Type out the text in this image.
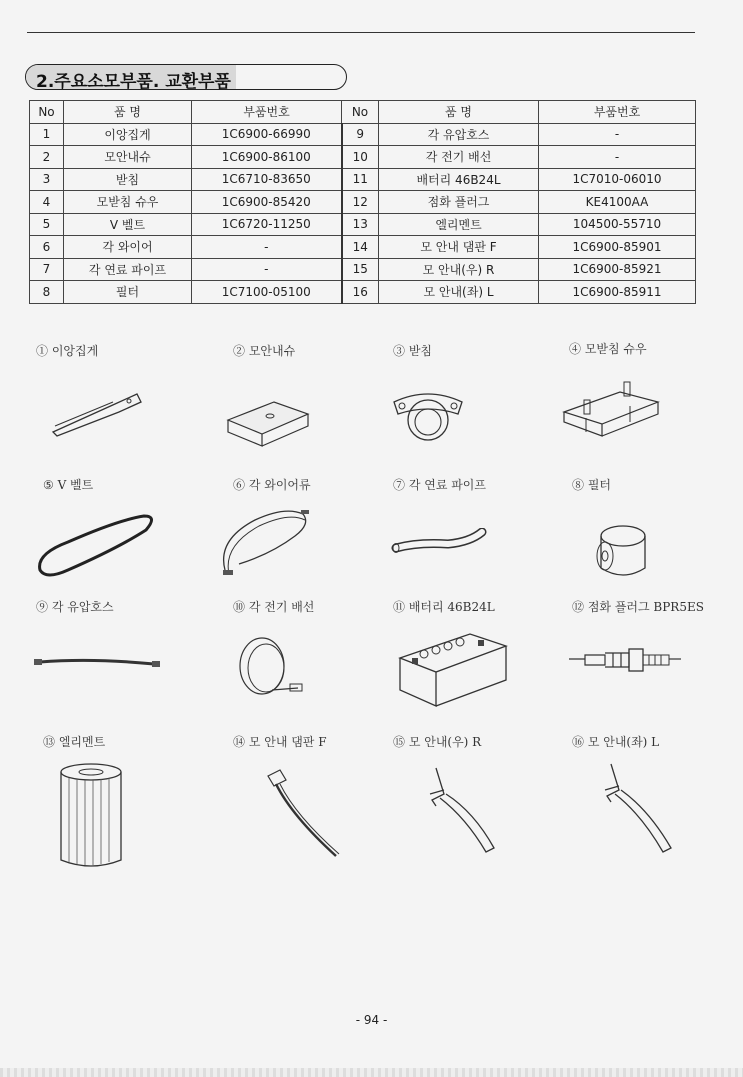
2.주요소모부품. 교환부품
No	품 명	부품번호	No	품 명	부품번호
1	이앙집게	1C6900-66990	9	각 유압호스	-
2	모안내슈	1C6900-86100	10	각 전기 배선	-
3	받침	1C6710-83650	11	배터리 46B24L	1C7010-06010
4	모받침 슈우	1C6900-85420	12	점화 플러그	KE4100AA
5	V 벨트	1C6720-11250	13	엘리멘트	104500-55710
6	각 와이어	-	14	모 안내 댐판 F	1C6900-85901
7	각 연료 파이프	-	15	모 안내(우) R	1C6900-85921
8	필터	1C7100-05100	16	모 안내(좌) L	1C6900-85911
① 이앙집게	② 모안내슈	③ 받침	④ 모받침 슈우
⑤ V 벨트	⑥ 각 와이어류	⑦ 각 연료 파이프	⑧ 필터
⑨ 각 유압호스	⑩ 각 전기 배선	⑪ 배터리 46B24L	⑫ 점화 플러그 BPR5ES
⑬ 엘리멘트	⑭ 모 안내 댐판 F	⑮ 모 안내(우) R	⑯ 모 안내(좌) L
- 94 -
